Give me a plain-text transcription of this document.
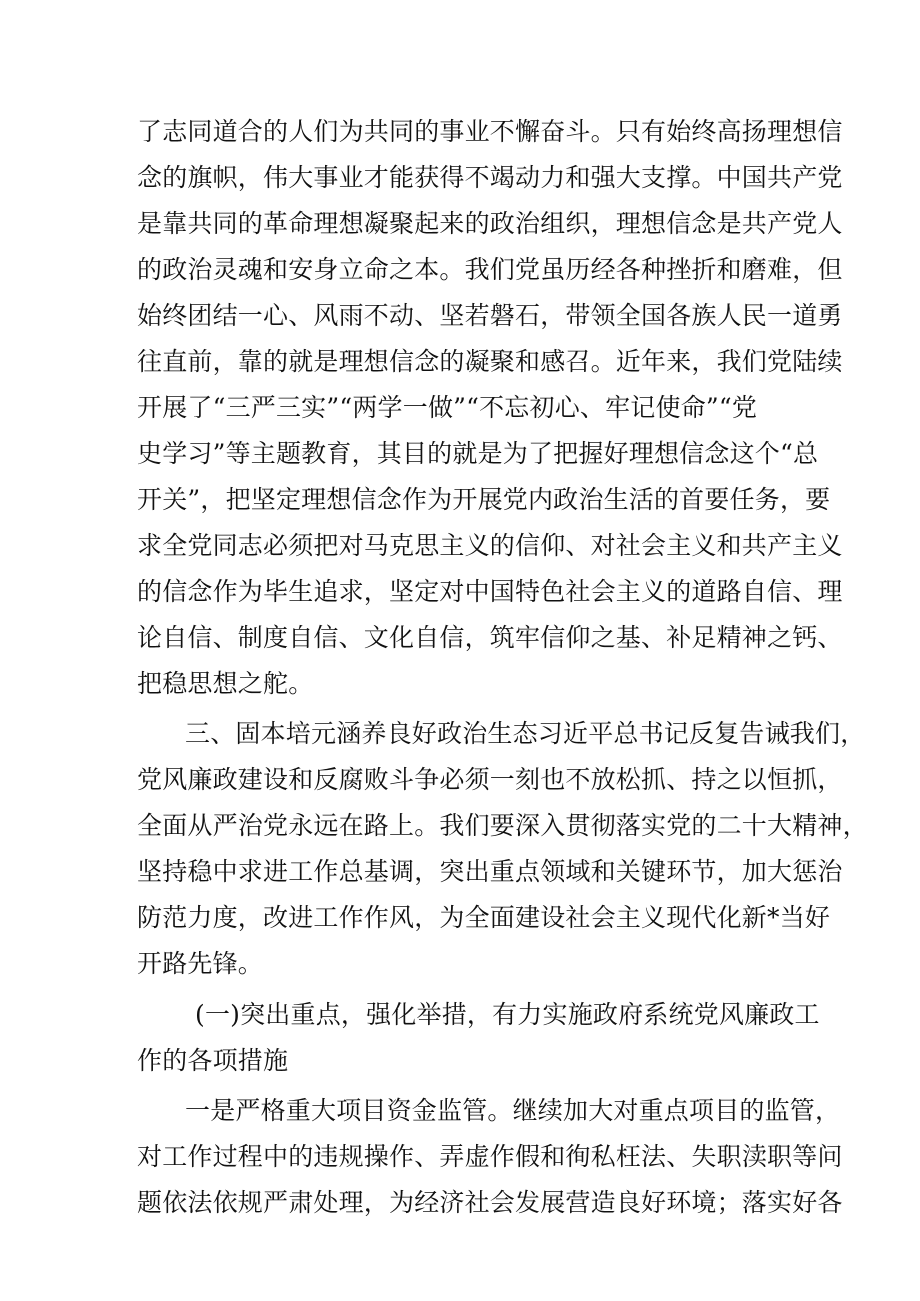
了志同道合的人们为共同的事业不懈奋斗。只有始终高扬理想信
念的旗帜，伟大事业才能获得不竭动力和强大支撑。中国共产党
是靠共同的革命理想凝聚起来的政治组织，理想信念是共产党人
的政治灵魂和安身立命之本。我们党虽历经各种挫折和磨难，但
始终团结一心、风雨不动、坚若磐石，带领全国各族人民一道勇
往直前，靠的就是理想信念的凝聚和感召。近年来，我们党陆续
开展了“三严三实”“两学一做”“不忘初心、牢记使命”“党
史学习”等主题教育，其目的就是为了把握好理想信念这个“总
开关”，把坚定理想信念作为开展党内政治生活的首要任务，要
求全党同志必须把对马克思主义的信仰、对社会主义和共产主义
的信念作为毕生追求，坚定对中国特色社会主义的道路自信、理
论自信、制度自信、文化自信，筑牢信仰之基、补足精神之钙、
把稳思想之舵。
三、固本培元涵养良好政治生态习近平总书记反复告诫我们，
党风廉政建设和反腐败斗争必须一刻也不放松抓、持之以恒抓，
全面从严治党永远在路上。我们要深入贯彻落实党的二十大精神，
坚持稳中求进工作总基调，突出重点领域和关键环节，加大惩治
防范力度，改进工作作风，为全面建设社会主义现代化新*当好
开路先锋。
(一)突出重点，强化举措，有力实施政府系统党风廉政工
作的各项措施
一是严格重大项目资金监管。继续加大对重点项目的监管，
对工作过程中的违规操作、弄虚作假和徇私枉法、失职渎职等问
题依法依规严肃处理，为经济社会发展营造良好环境；落实好各
